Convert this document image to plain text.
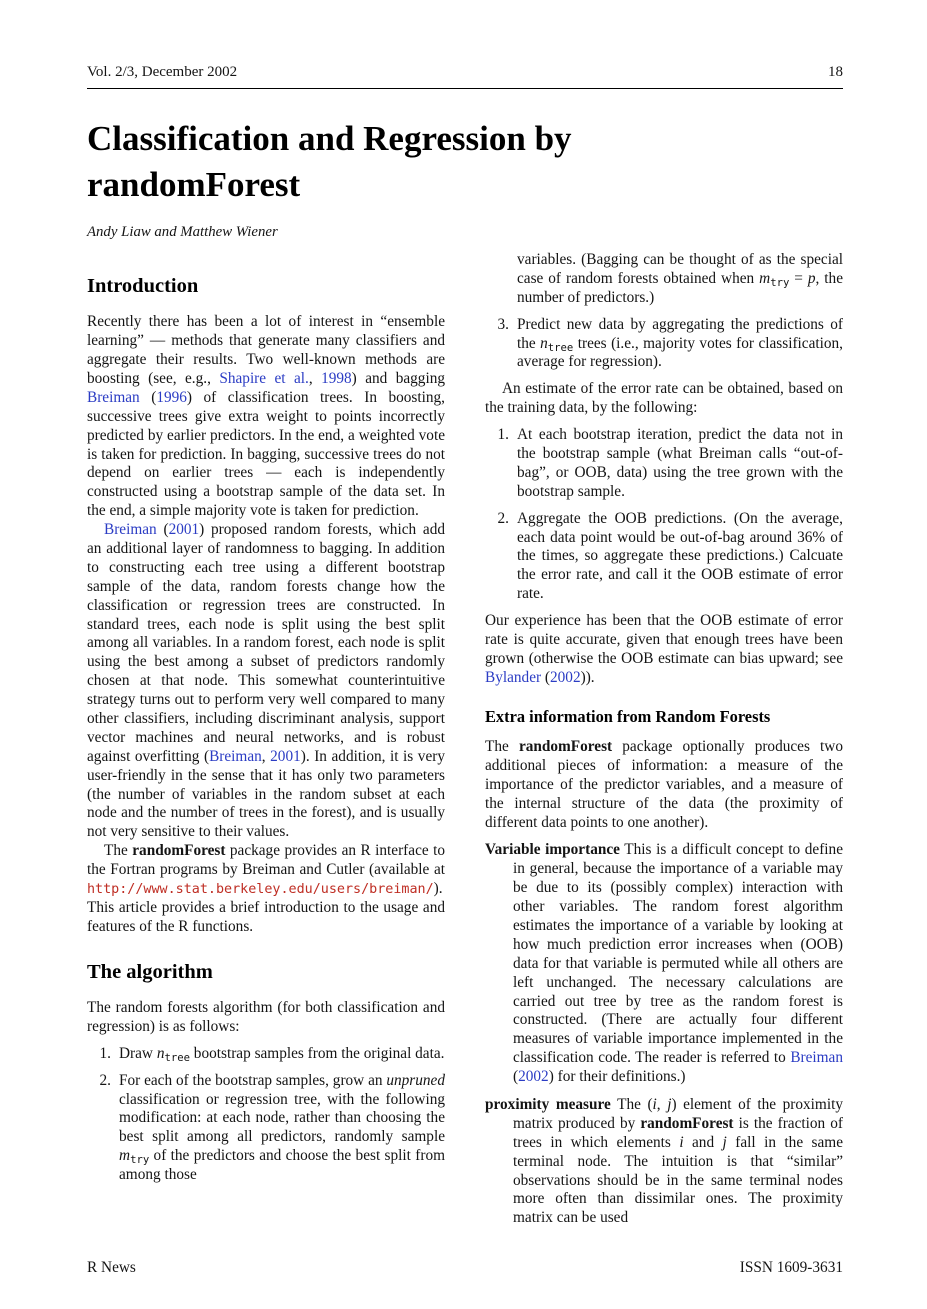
Vol. 2/3, December 2002	18
Classification and Regression by randomForest
Andy Liaw and Matthew Wiener
Introduction

Recently there has been a lot of interest in “ensemble learning” — methods that generate many classifiers and aggregate their results. Two well-known methods are boosting (see, e.g., Shapire et al., 1998) and bagging Breiman (1996) of classification trees. In boosting, successive trees give extra weight to points incorrectly predicted by earlier predictors. In the end, a weighted vote is taken for prediction. In bagging, successive trees do not depend on earlier trees — each is independently constructed using a bootstrap sample of the data set. In the end, a simple majority vote is taken for prediction.

Breiman (2001) proposed random forests, which add an additional layer of randomness to bagging. In addition to constructing each tree using a different bootstrap sample of the data, random forests change how the classification or regression trees are constructed. In standard trees, each node is split using the best split among all variables. In a random forest, each node is split using the best among a subset of predictors randomly chosen at that node. This somewhat counterintuitive strategy turns out to perform very well compared to many other classifiers, including discriminant analysis, support vector machines and neural networks, and is robust against overfitting (Breiman, 2001). In addition, it is very user-friendly in the sense that it has only two parameters (the number of variables in the random subset at each node and the number of trees in the forest), and is usually not very sensitive to their values.

The randomForest package provides an R interface to the Fortran programs by Breiman and Cutler (available at http://www.stat.berkeley.edu/users/breiman/). This article provides a brief introduction to the usage and features of the R functions.

The algorithm

The random forests algorithm (for both classification and regression) is as follows:

1. Draw $n_{tree}$ bootstrap samples from the original data.
2. For each of the bootstrap samples, grow an unpruned classification or regression tree, with the following modification: at each node, rather than choosing the best split among all predictors, randomly sample $m_{try}$ of the predictors and choose the best split from among those

variables. (Bagging can be thought of as the special case of random forests obtained when $m_{try} = p$, the number of predictors.)

3. Predict new data by aggregating the predictions of the $n_{tree}$ trees (i.e., majority votes for classification, average for regression).

An estimate of the error rate can be obtained, based on the training data, by the following:

1. At each bootstrap iteration, predict the data not in the bootstrap sample (what Breiman calls “out-of-bag”, or OOB, data) using the tree grown with the bootstrap sample.
2. Aggregate the OOB predictions. (On the average, each data point would be out-of-bag around 36% of the times, so aggregate these predictions.) Calcuate the error rate, and call it the OOB estimate of error rate.

Our experience has been that the OOB estimate of error rate is quite accurate, given that enough trees have been grown (otherwise the OOB estimate can bias upward; see Bylander (2002)).

Extra information from Random Forests

The randomForest package optionally produces two additional pieces of information: a measure of the importance of the predictor variables, and a measure of the internal structure of the data (the proximity of different data points to one another).

Variable importance This is a difficult concept to define in general, because the importance of a variable may be due to its (possibly complex) interaction with other variables. The random forest algorithm estimates the importance of a variable by looking at how much prediction error increases when (OOB) data for that variable is permuted while all others are left unchanged. The necessary calculations are carried out tree by tree as the random forest is constructed. (There are actually four different measures of variable importance implemented in the classification code. The reader is referred to Breiman (2002) for their definitions.)

proximity measure The (i, j) element of the proximity matrix produced by randomForest is the fraction of trees in which elements i and j fall in the same terminal node. The intuition is that “similar” observations should be in the same terminal nodes more often than dissimilar ones. The proximity matrix can be used

R News	ISSN 1609-3631
